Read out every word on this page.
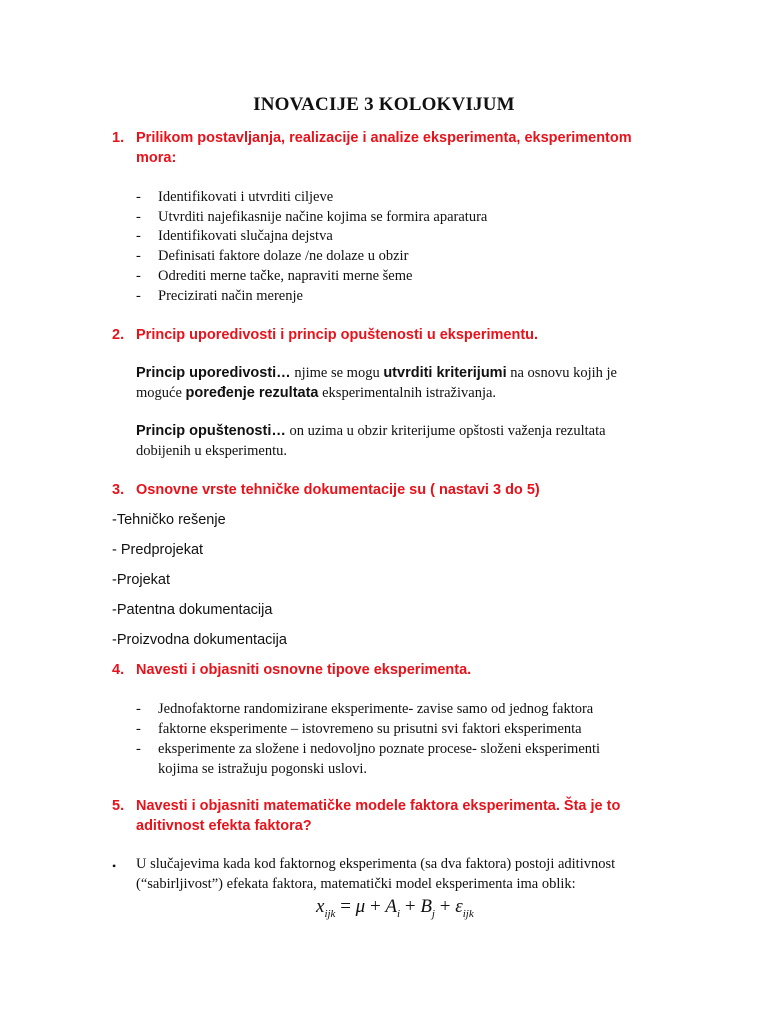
INOVACIJE 3 KOLOKVIJUM
1. Prilikom postavljanja, realizacije i analize eksperimenta, eksperimentom
mora:
- Identifikovati i utvrditi ciljeve
- Utvrditi najefikasnije načine kojima se formira aparatura
- Identifikovati slučajna dejstva
- Definisati faktore dolaze /ne dolaze u obzir
- Odrediti merne tačke, napraviti merne šeme
- Precizirati način merenje
2. Princip uporedivosti i princip opuštenosti u eksperimentu.
Princip uporedivosti… njime se mogu utvrditi kriterijumi na osnovu kojih je
moguće poređenje rezultata eksperimentalnih istraživanja.
Princip opuštenosti… on uzima u obzir kriterijume opštosti važenja rezultata
dobijenih u eksperimentu.
3. Osnovne vrste tehničke dokumentacije su ( nastavi 3 do 5)
-Tehničko rešenje
- Predprojekat
-Projekat
-Patentna dokumentacija
-Proizvodna dokumentacija
4. Navesti i objasniti osnovne tipove eksperimenta.
- Jednofaktorne randomizirane eksperimente- zavise samo od jednog faktora
- faktorne eksperimente – istovremeno su prisutni svi faktori eksperimenta
- eksperimente za složene i nedovoljno poznate procese- složeni eksperimenti
kojima se istražuju pogonski uslovi.
5. Navesti i objasniti matematičke modele faktora eksperimenta. Šta je to
aditivnost efekta faktora?
• U slučajevima kada kod faktornog eksperimenta (sa dva faktora) postoji aditivnost
(“sabirljivost”) efekata faktora, matematički model eksperimenta ima oblik:
$x_{ijk} = \mu + A_i + B_j + \varepsilon_{ijk}$
